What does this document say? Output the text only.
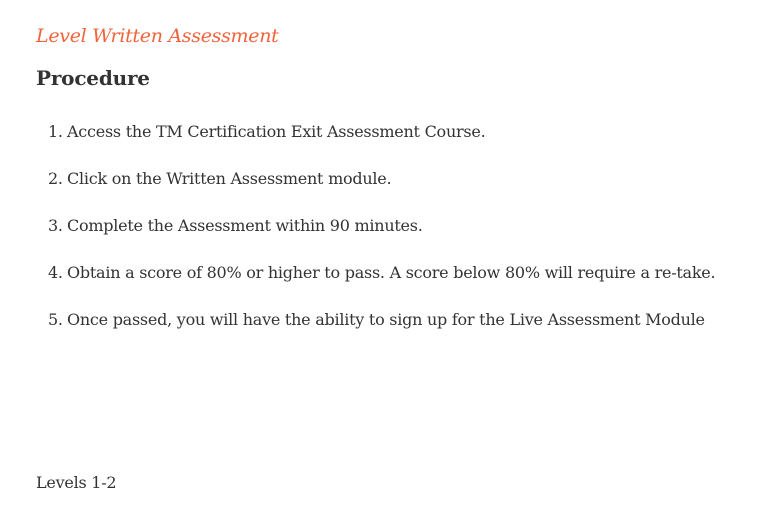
Level Written Assessment
Procedure
1. Access the TM Certification Exit Assessment Course.
2. Click on the Written Assessment module.
3. Complete the Assessment within 90 minutes.
4. Obtain a score of 80% or higher to pass. A score below 80% will require a re-take.
5. Once passed, you will have the ability to sign up for the Live Assessment Module

Levels 1-2
